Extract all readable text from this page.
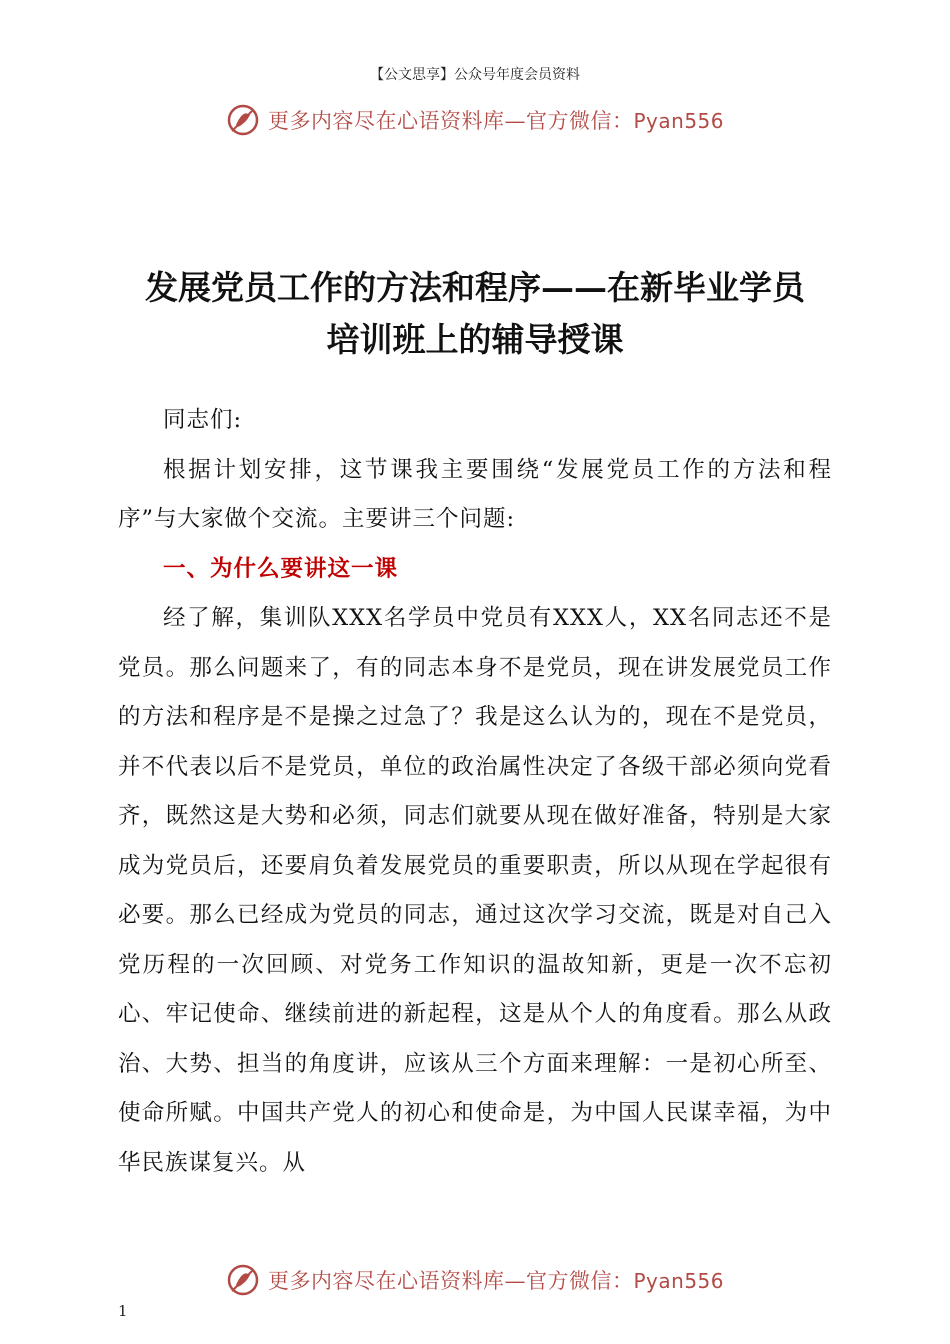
【公文思享】公众号年度会员资料
更多内容尽在心语资料库—官方微信：Pyan556
发展党员工作的方法和程序——在新毕业学员
培训班上的辅导授课

同志们:

根据计划安排，这节课我主要围绕“发展党员工作的方法和程序”与大家做个交流。主要讲三个问题:

一、为什么要讲这一课

经了解，集训队XXX名学员中党员有XXX人，XX名同志还不是党员。那么问题来了，有的同志本身不是党员，现在讲发展党员工作的方法和程序是不是操之过急了？我是这么认为的，现在不是党员，并不代表以后不是党员，单位的政治属性决定了各级干部必须向党看齐，既然这是大势和必须，同志们就要从现在做好准备，特别是大家成为党员后，还要肩负着发展党员的重要职责，所以从现在学起很有必要。那么已经成为党员的同志，通过这次学习交流，既是对自己入党历程的一次回顾、对党务工作知识的温故知新，更是一次不忘初心、牢记使命、继续前进的新起程，这是从个人的角度看。那么从政治、大势、担当的角度讲，应该从三个方面来理解：一是初心所至、使命所赋。中国共产党人的初心和使命是，为中国人民谋幸福，为中华民族谋复兴。从

更多内容尽在心语资料库—官方微信：Pyan556
1
